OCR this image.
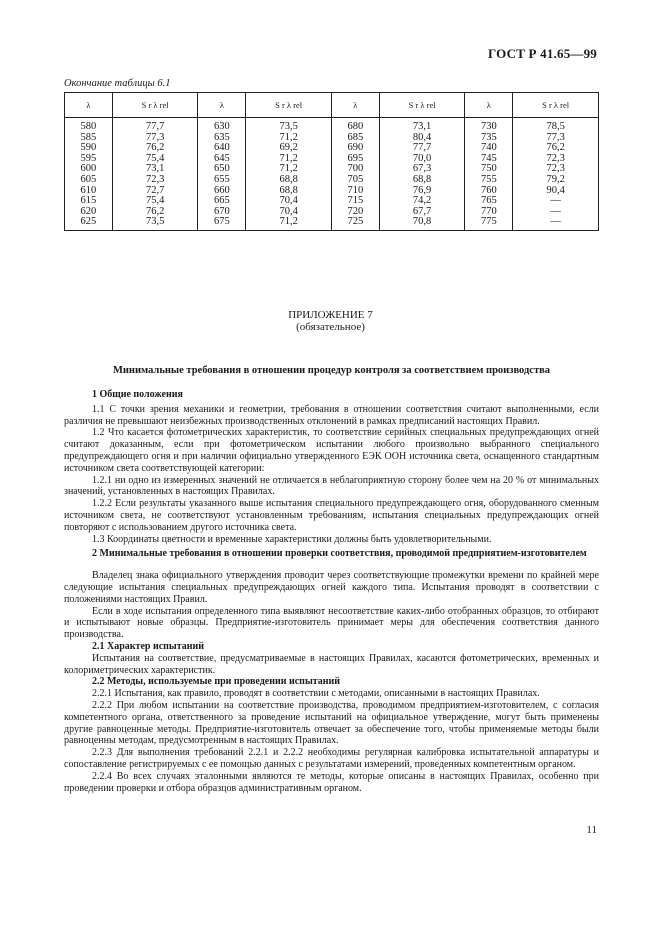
ГОСТ Р 41.65—99
Окончание таблицы 6.1
λ	S r λ rel	λ	S r λ rel	λ	S r λ rel	λ	S r λ rel
580	77,7	630	73,5	680	73,1	730	78,5
585	77,3	635	71,2	685	80,4	735	77,3
590	76,2	640	69,2	690	77,7	740	76,2
595	75,4	645	71,2	695	70,0	745	72,3
600	73,1	650	71,2	700	67,3	750	72,3
605	72,3	655	68,8	705	68,8	755	79,2
610	72,7	660	68,8	710	76,9	760	90,4
615	75,4	665	70,4	715	74,2	765	—
620	76,2	670	70,4	720	67,7	770	—
625	73,5	675	71,2	725	70,8	775	—
ПРИЛОЖЕНИЕ 7
(обязательное)
Минимальные требования в отношении процедур контроля за соответствием производства
1 Общие положения

1.1 С точки зрения механики и геометрии, требования в отношении соответствия считают выполненными, если различия не превышают неизбежных производственных отклонений в рамках предписаний настоящих Правил.

1.2 Что касается фотометрических характеристик, то соответствие серийных специальных предупреждающих огней считают доказанным, если при фотометрическом испытании любого произвольно выбранного специального предупреждающего огня и при наличии официально утвержденного ЕЭК ООН источника света, оснащенного стандартным источником света соответствующей категории:

1.2.1 ни одно из измеренных значений не отличается в неблагоприятную сторону более чем на 20 % от минимальных значений, установленных в настоящих Правилах.

1.2.2 Если результаты указанного выше испытания специального предупреждающего огня, оборудованного сменным источником света, не соответствуют установленным требованиям, испытания специальных предупреждающих огней повторяют с использованием другого источника света.

1.3 Координаты цветности и временные характеристики должны быть удовлетворительными.

2 Минимальные требования в отношении проверки соответствия, проводимой предприятием-изготовителем

Владелец знака официального утверждения проводит через соответствующие промежутки времени по крайней мере следующие испытания специальных предупреждающих огней каждого типа. Испытания проводят в соответствии с положениями настоящих Правил.

Если в ходе испытания определенного типа выявляют несоответствие каких-либо отобранных образцов, то отбирают и испытывают новые образцы. Предприятие-изготовитель принимает меры для обеспечения соответствия данного производства.

2.1 Характер испытаний

Испытания на соответствие, предусматриваемые в настоящих Правилах, касаются фотометрических, временных и колориметрических характеристик.

2.2 Методы, используемые при проведении испытаний

2.2.1 Испытания, как правило, проводят в соответствии с методами, описанными в настоящих Правилах.

2.2.2 При любом испытании на соответствие производства, проводимом предприятием-изготовителем, с согласия компетентного органа, ответственного за проведение испытаний на официальное утверждение, могут быть применены другие равноценные методы. Предприятие-изготовитель отвечает за обеспечение того, чтобы применяемые методы были равноценны методам, предусмотренным в настоящих Правилах.

2.2.3 Для выполнения требований 2.2.1 и 2.2.2 необходимы регулярная калибровка испытательной аппаратуры и сопоставление регистрируемых с ее помощью данных с результатами измерений, проведенных компетентным органом.

2.2.4 Во всех случаях эталонными являются те методы, которые описаны в настоящих Правилах, особенно при проведении проверки и отбора образцов административным органом.

11
